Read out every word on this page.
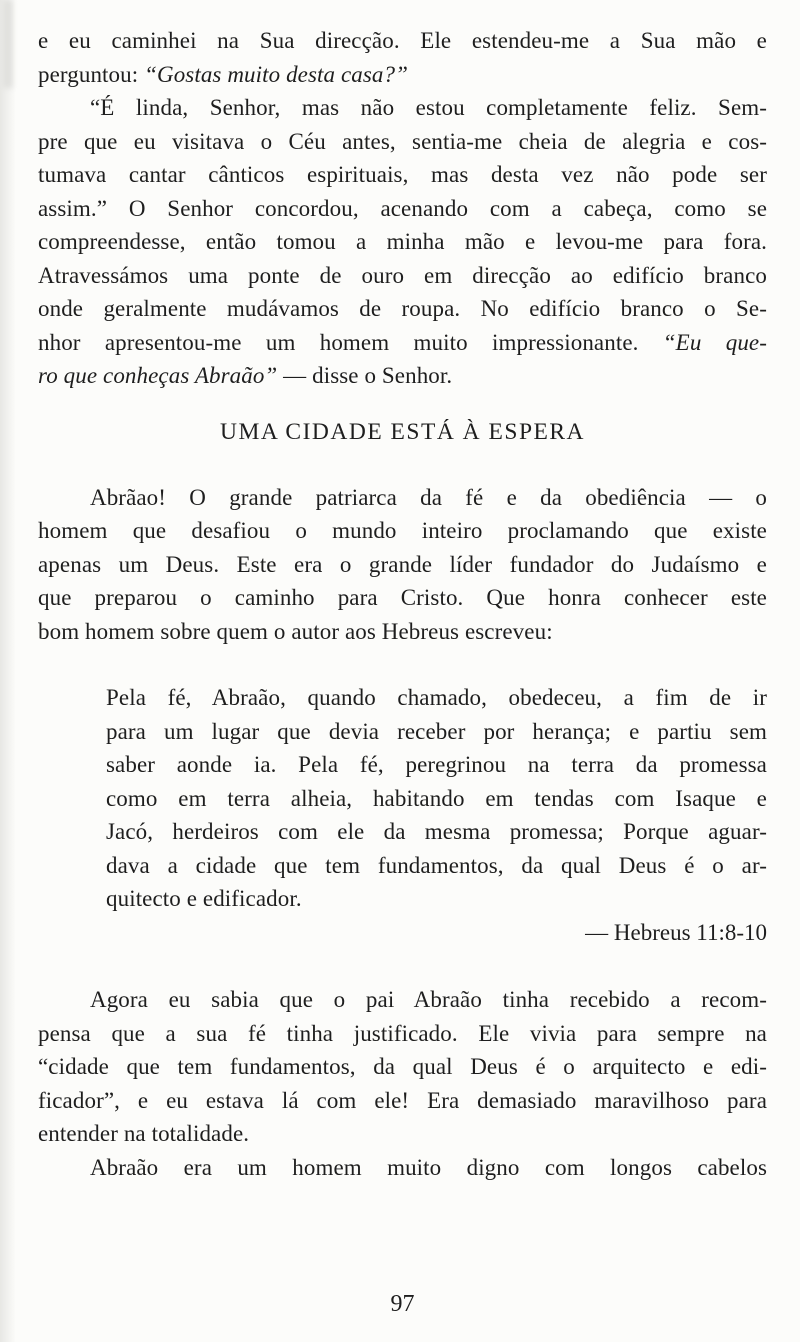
e eu caminhei na Sua direcção. Ele estendeu-me a Sua mão e
perguntou: “Gostas muito desta casa?”
“É linda, Senhor, mas não estou completamente feliz. Sem-
pre que eu visitava o Céu antes, sentia-me cheia de alegria e cos-
tumava cantar cânticos espirituais, mas desta vez não pode ser
assim.” O Senhor concordou, acenando com a cabeça, como se
compreendesse, então tomou a minha mão e levou-me para fora.
Atravessámos uma ponte de ouro em direcção ao edifício branco
onde geralmente mudávamos de roupa. No edifício branco o Se-
nhor apresentou-me um homem muito impressionante. “Eu que-
ro que conheças Abraão” — disse o Senhor.
UMA CIDADE ESTÁ À ESPERA
Abrãao! O grande patriarca da fé e da obediência — o
homem que desafiou o mundo inteiro proclamando que existe
apenas um Deus. Este era o grande líder fundador do Judaísmo e
que preparou o caminho para Cristo. Que honra conhecer este
bom homem sobre quem o autor aos Hebreus escreveu:
Pela fé, Abraão, quando chamado, obedeceu, a fim de ir
para um lugar que devia receber por herança; e partiu sem
saber aonde ia. Pela fé, peregrinou na terra da promessa
como em terra alheia, habitando em tendas com Isaque e
Jacó, herdeiros com ele da mesma promessa; Porque aguar-
dava a cidade que tem fundamentos, da qual Deus é o ar-
quitecto e edificador.
— Hebreus 11:8-10
Agora eu sabia que o pai Abraão tinha recebido a recom-
pensa que a sua fé tinha justificado. Ele vivia para sempre na
“cidade que tem fundamentos, da qual Deus é o arquitecto e edi-
ficador”, e eu estava lá com ele! Era demasiado maravilhoso para
entender na totalidade.
Abraão era um homem muito digno com longos cabelos
97
